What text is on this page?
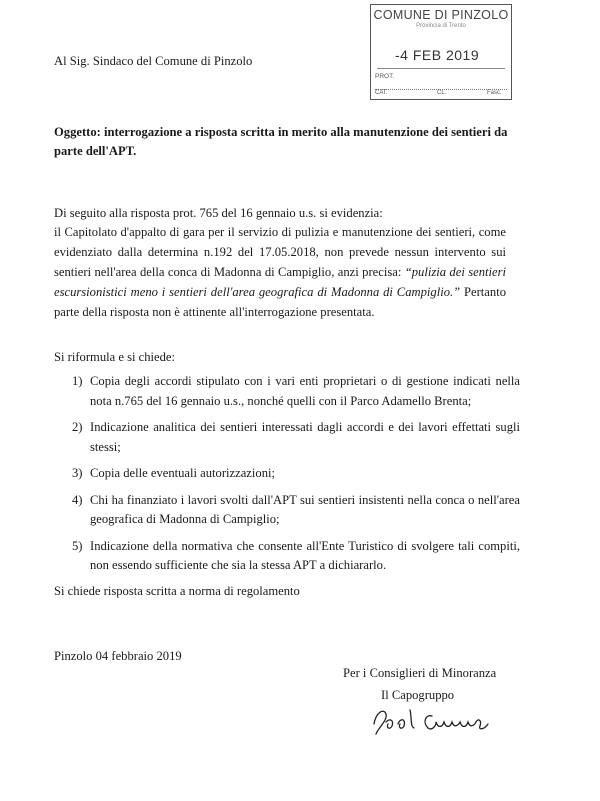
COMUNE DI PINZOLO
Provincia di Trento
-4 FEB 2019
PROT.
CAT.	CL.	Fasc.
Al Sig. Sindaco del Comune di Pinzolo
Oggetto: interrogazione a risposta scritta in merito alla manutenzione dei sentieri da
parte dell'APT.
Di seguito alla risposta prot. 765 del 16 gennaio u.s. si evidenzia:
il Capitolato d'appalto di gara per il servizio di pulizia e manutenzione dei sentieri, come evidenziato dalla determina n.192 del 17.05.2018, non prevede nessun intervento sui sentieri nell'area della conca di Madonna di Campiglio, anzi precisa: “pulizia dei sentieri escursionistici meno i sentieri dell'area geografica di Madonna di Campiglio.” Pertanto parte della risposta non è attinente all'interrogazione presentata.
Si riformula e si chiede:
1) Copia degli accordi stipulato con i vari enti proprietari o di gestione indicati nella nota n.765 del 16 gennaio u.s., nonché quelli con il Parco Adamello Brenta;
2) Indicazione analitica dei sentieri interessati dagli accordi e dei lavori effettati sugli stessi;
3) Copia delle eventuali autorizzazioni;
4) Chi ha finanziato i lavori svolti dall'APT sui sentieri insistenti nella conca o nell'area geografica di Madonna di Campiglio;
5) Indicazione della normativa che consente all'Ente Turistico di svolgere tali compiti, non essendo sufficiente che sia la stessa APT a dichiararlo.
Si chiede risposta scritta a norma di regolamento
Pinzolo 04 febbraio 2019
Per i Consiglieri di Minoranza
Il Capogruppo
